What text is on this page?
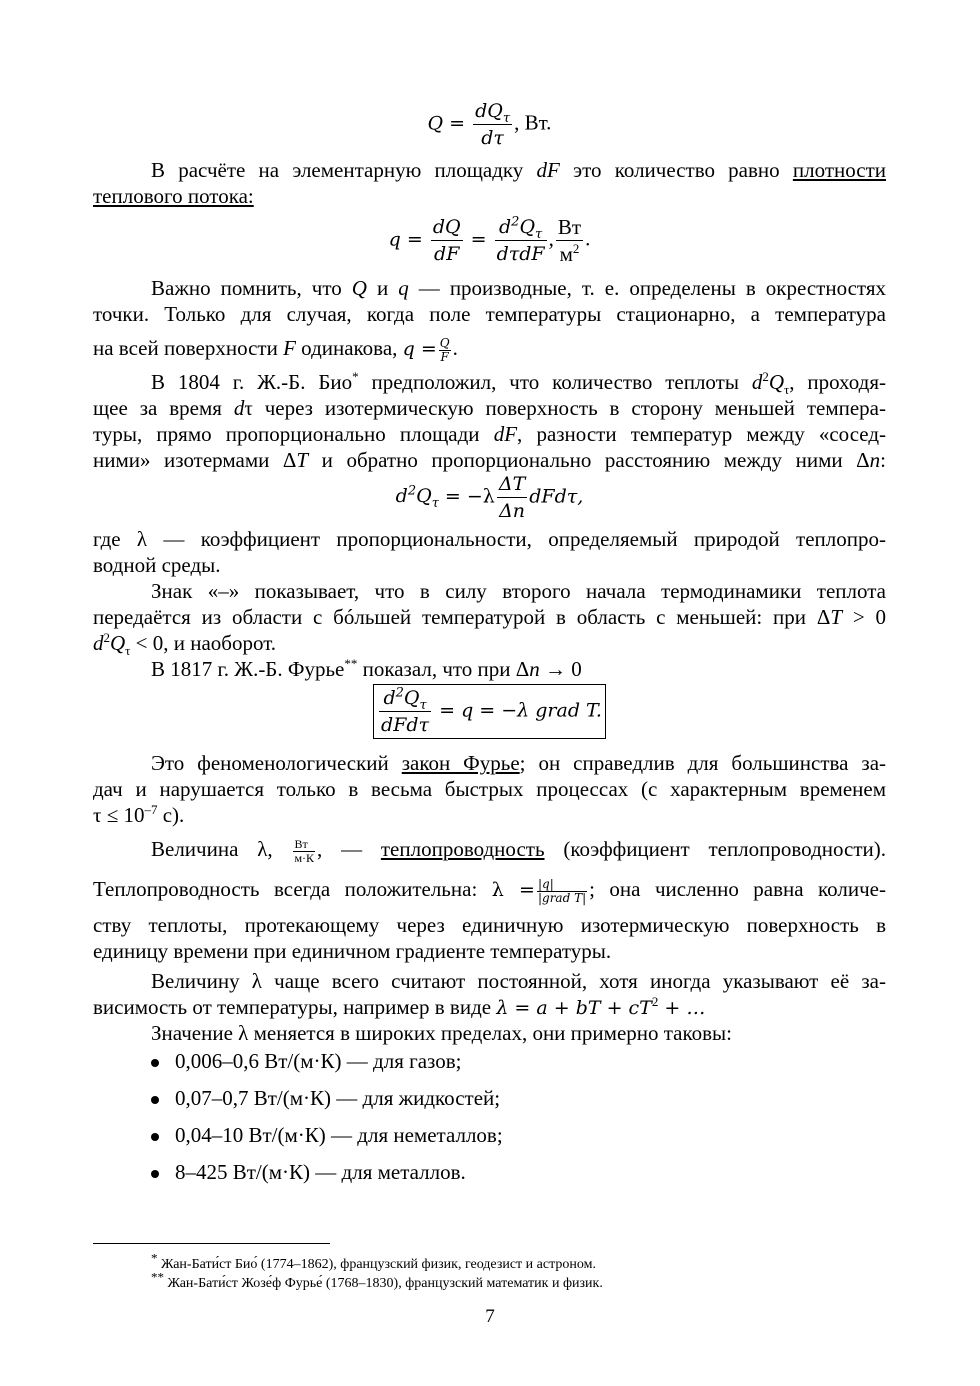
$Q = \frac{dQ_\tau}{d\tau}$ , Вт.
В расчёте на элементарную площадку dF это количество равно плотности
теплового потока:
$q = \frac{dQ}{dF} = \frac{d^2Q_\tau}{\text{dτdF}}$ , $\frac{Вт}{м^2}$ .
Важно помнить, что Q и q — производные, т. е. определены в окрестностях
точки. Только для случая, когда поле температуры стационарно, а температура
на всей поверхности F одинакова, $q = \frac{Q}{F}$ .
В 1804 г. Ж.-Б. Био* предположил, что количество теплоты $d^2Q_\tau$, проходя-
щее за время dτ через изотермическую поверхность в сторону меньшей темпера-
туры, прямо пропорционально площади dF, разности температур между «сосед-
ними» изотермами ΔT и обратно пропорционально расстоянию между ними Δn:
$d^2Q_\tau = -\lambda \frac{\Delta T}{\Delta n} dFd\tau$,
где λ — коэффициент пропорциональности, определяемый природой теплопро-
водной среды.
Знак «–» показывает, что в силу второго начала термодинамики теплота
передаётся из области с бóльшей температурой в область с меньшей: при ΔT > 0
$d^2Q_\tau < 0$, и наоборот.
В 1817 г. Ж.-Б. Фурье** показал, что при Δn → 0
$\frac{d^2Q_\tau}{\text{dFdτ}} = q = -\lambda$ grad T.
Это феноменологический закон Фурье; он справедлив для большинства за-
дач и нарушается только в весьма быстрых процессах (с характерным временем
$\tau \le 10^{-7}$ с).
Величина λ, Вт
м·К , — теплопроводность (коэффициент теплопроводности).
Теплопроводность всегда положительна: λ = |q|
|grad T| ; она численно равна количе-
ству теплоты, протекающему через единичную изотермическую поверхность в
единицу времени при единичном градиенте температуры.
Величину λ чаще всего считают постоянной, хотя иногда указывают её за-
висимость от температуры, например в виде λ = a + bT + $cT^2$ + …
Значение λ меняется в широких пределах, они примерно таковы:
0,006–0,6 Вт/(м·К) — для газов;
0,07–0,7 Вт/(м·К) — для жидкостей;
0,04–10 Вт/(м·К) — для неметаллов;
8–425 Вт/(м·К) — для металлов.
* Жан-Бати́ст Био́ (1774–1862), французский физик, геодезист и астроном.
** Жан-Бати́ст Жозе́ф Фурье́ (1768–1830), французский математик и физик.
7
